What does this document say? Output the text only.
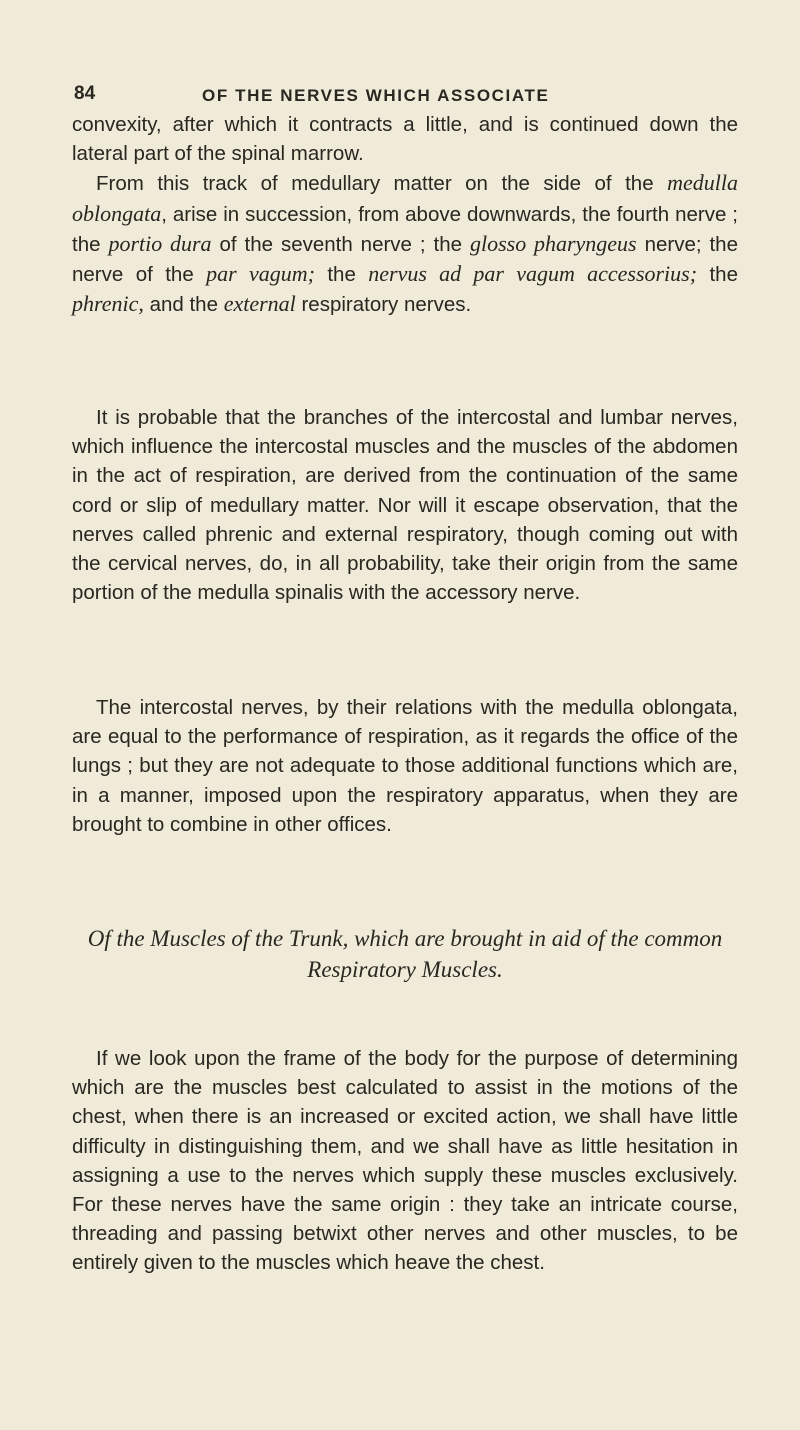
84	OF THE NERVES WHICH ASSOCIATE
convexity, after which it contracts a little, and is continued down the lateral part of the spinal marrow.
From this track of medullary matter on the side of the medulla oblongata, arise in succession, from above downwards, the fourth nerve ; the portio dura of the seventh nerve ; the glosso pharyngeus nerve; the nerve of the par vagum; the nervus ad par vagum accessorius; the phrenic, and the external respiratory nerves.
It is probable that the branches of the intercostal and lumbar nerves, which influence the intercostal muscles and the muscles of the abdomen in the act of respiration, are derived from the continuation of the same cord or slip of medullary matter. Nor will it escape observation, that the nerves called phrenic and external respiratory, though coming out with the cervical nerves, do, in all probability, take their origin from the same portion of the medulla spinalis with the accessory nerve.
The intercostal nerves, by their relations with the medulla oblongata, are equal to the performance of respiration, as it regards the office of the lungs ; but they are not adequate to those additional functions which are, in a manner, imposed upon the respiratory apparatus, when they are brought to combine in other offices.
Of the Muscles of the Trunk, which are brought in aid of the common Respiratory Muscles.
If we look upon the frame of the body for the purpose of determining which are the muscles best calculated to assist in the motions of the chest, when there is an increased or excited action, we shall have little difficulty in distinguishing them, and we shall have as little hesitation in assigning a use to the nerves which supply these muscles exclusively. For these nerves have the same origin : they take an intricate course, threading and passing betwixt other nerves and other muscles, to be entirely given to the muscles which heave the chest.
